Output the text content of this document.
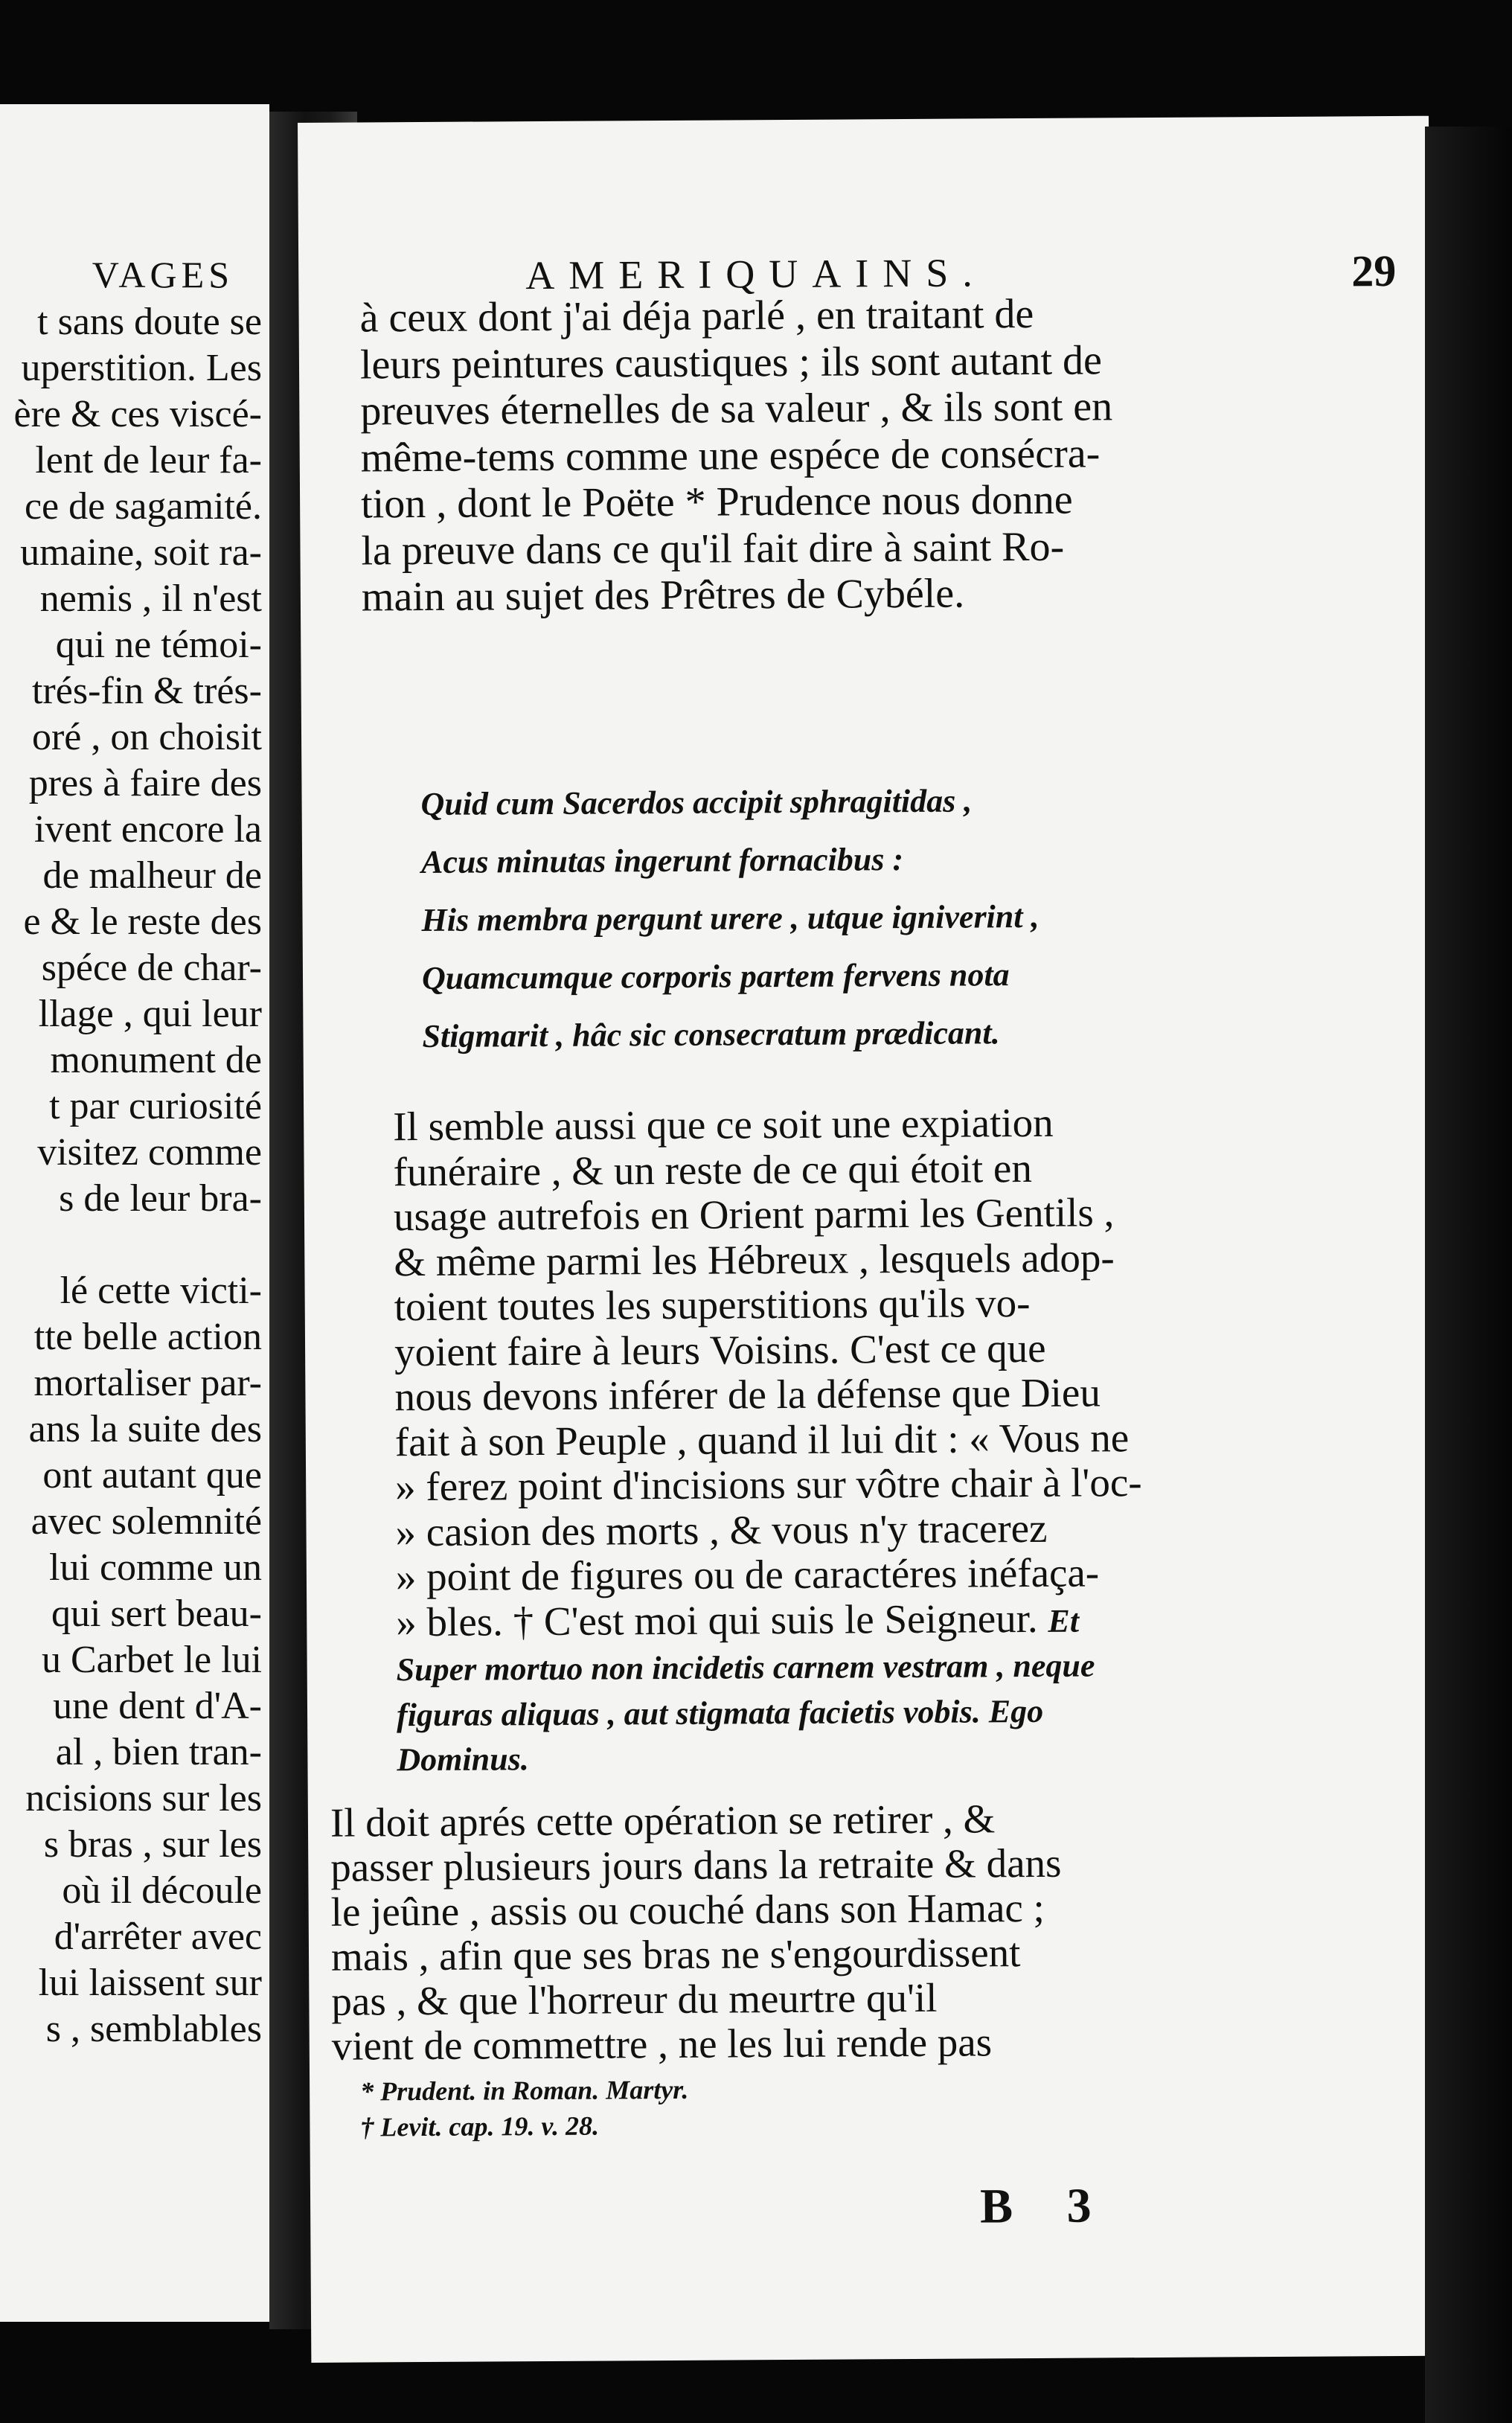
VAGES
t sans doute se
uperstition. Les
ère & ces viscé-
lent de leur fa-
ce de sagamité.
umaine, soit ra-
nemis , il n'est
qui ne témoi-
trés-fin & trés-
oré , on choisit
pres à faire des
ivent encore la
de malheur de
e & le reste des
spéce de char-
llage , qui leur
monument de
t par curiosité
visitez comme
s de leur bra-

lé cette victi-
tte belle action
mortaliser par-
ans la suite des
ont autant que
avec solemnité
lui comme un
qui sert beau-
u Carbet le lui
une dent d'A-
al , bien tran-
ncisions sur les
s bras , sur les
où il découle
d'arrêter avec
lui laissent sur
s , semblables
AMERIQUAINS.	29
à ceux dont j'ai déja parlé , en traitant de
leurs peintures caustiques ; ils sont autant de
preuves éternelles de sa valeur , & ils sont en
même-tems comme une espéce de consécra-
tion , dont le Poëte * Prudence nous donne
la preuve dans ce qu'il fait dire à saint Ro-
main au sujet des Prêtres de Cybéle.
Quid cum Sacerdos accipit sphragitidas ,
Acus minutas ingerunt fornacibus :
His membra pergunt urere , utque igniverint ,
Quamcumque corporis partem fervens nota
Stigmarit , hâc sic consecratum prædicant.
Il semble aussi que ce soit une expiation
funéraire , & un reste de ce qui étoit en
usage autrefois en Orient parmi les Gentils ,
& même parmi les Hébreux , lesquels adop-
toient toutes les superstitions qu'ils vo-
yoient faire à leurs Voisins. C'est ce que
nous devons inférer de la défense que Dieu
fait à son Peuple , quand il lui dit : « Vous ne
» ferez point d'incisions sur vôtre chair à l'oc-
» casion des morts , & vous n'y tracerez
» point de figures ou de caractéres inéfaça-
» bles. † C'est moi qui suis le Seigneur. Et
Super mortuo non incidetis carnem vestram , neque
figuras aliquas , aut stigmata facietis vobis. Ego
Dominus.
Il doit aprés cette opération se retirer , &
passer plusieurs jours dans la retraite & dans
le jeûne , assis ou couché dans son Hamac ;
mais , afin que ses bras ne s'engourdissent
pas , & que l'horreur du meurtre qu'il
vient de commettre , ne les lui rende pas
* Prudent. in Roman. Martyr.
† Levit. cap. 19. v. 28.
B 3
